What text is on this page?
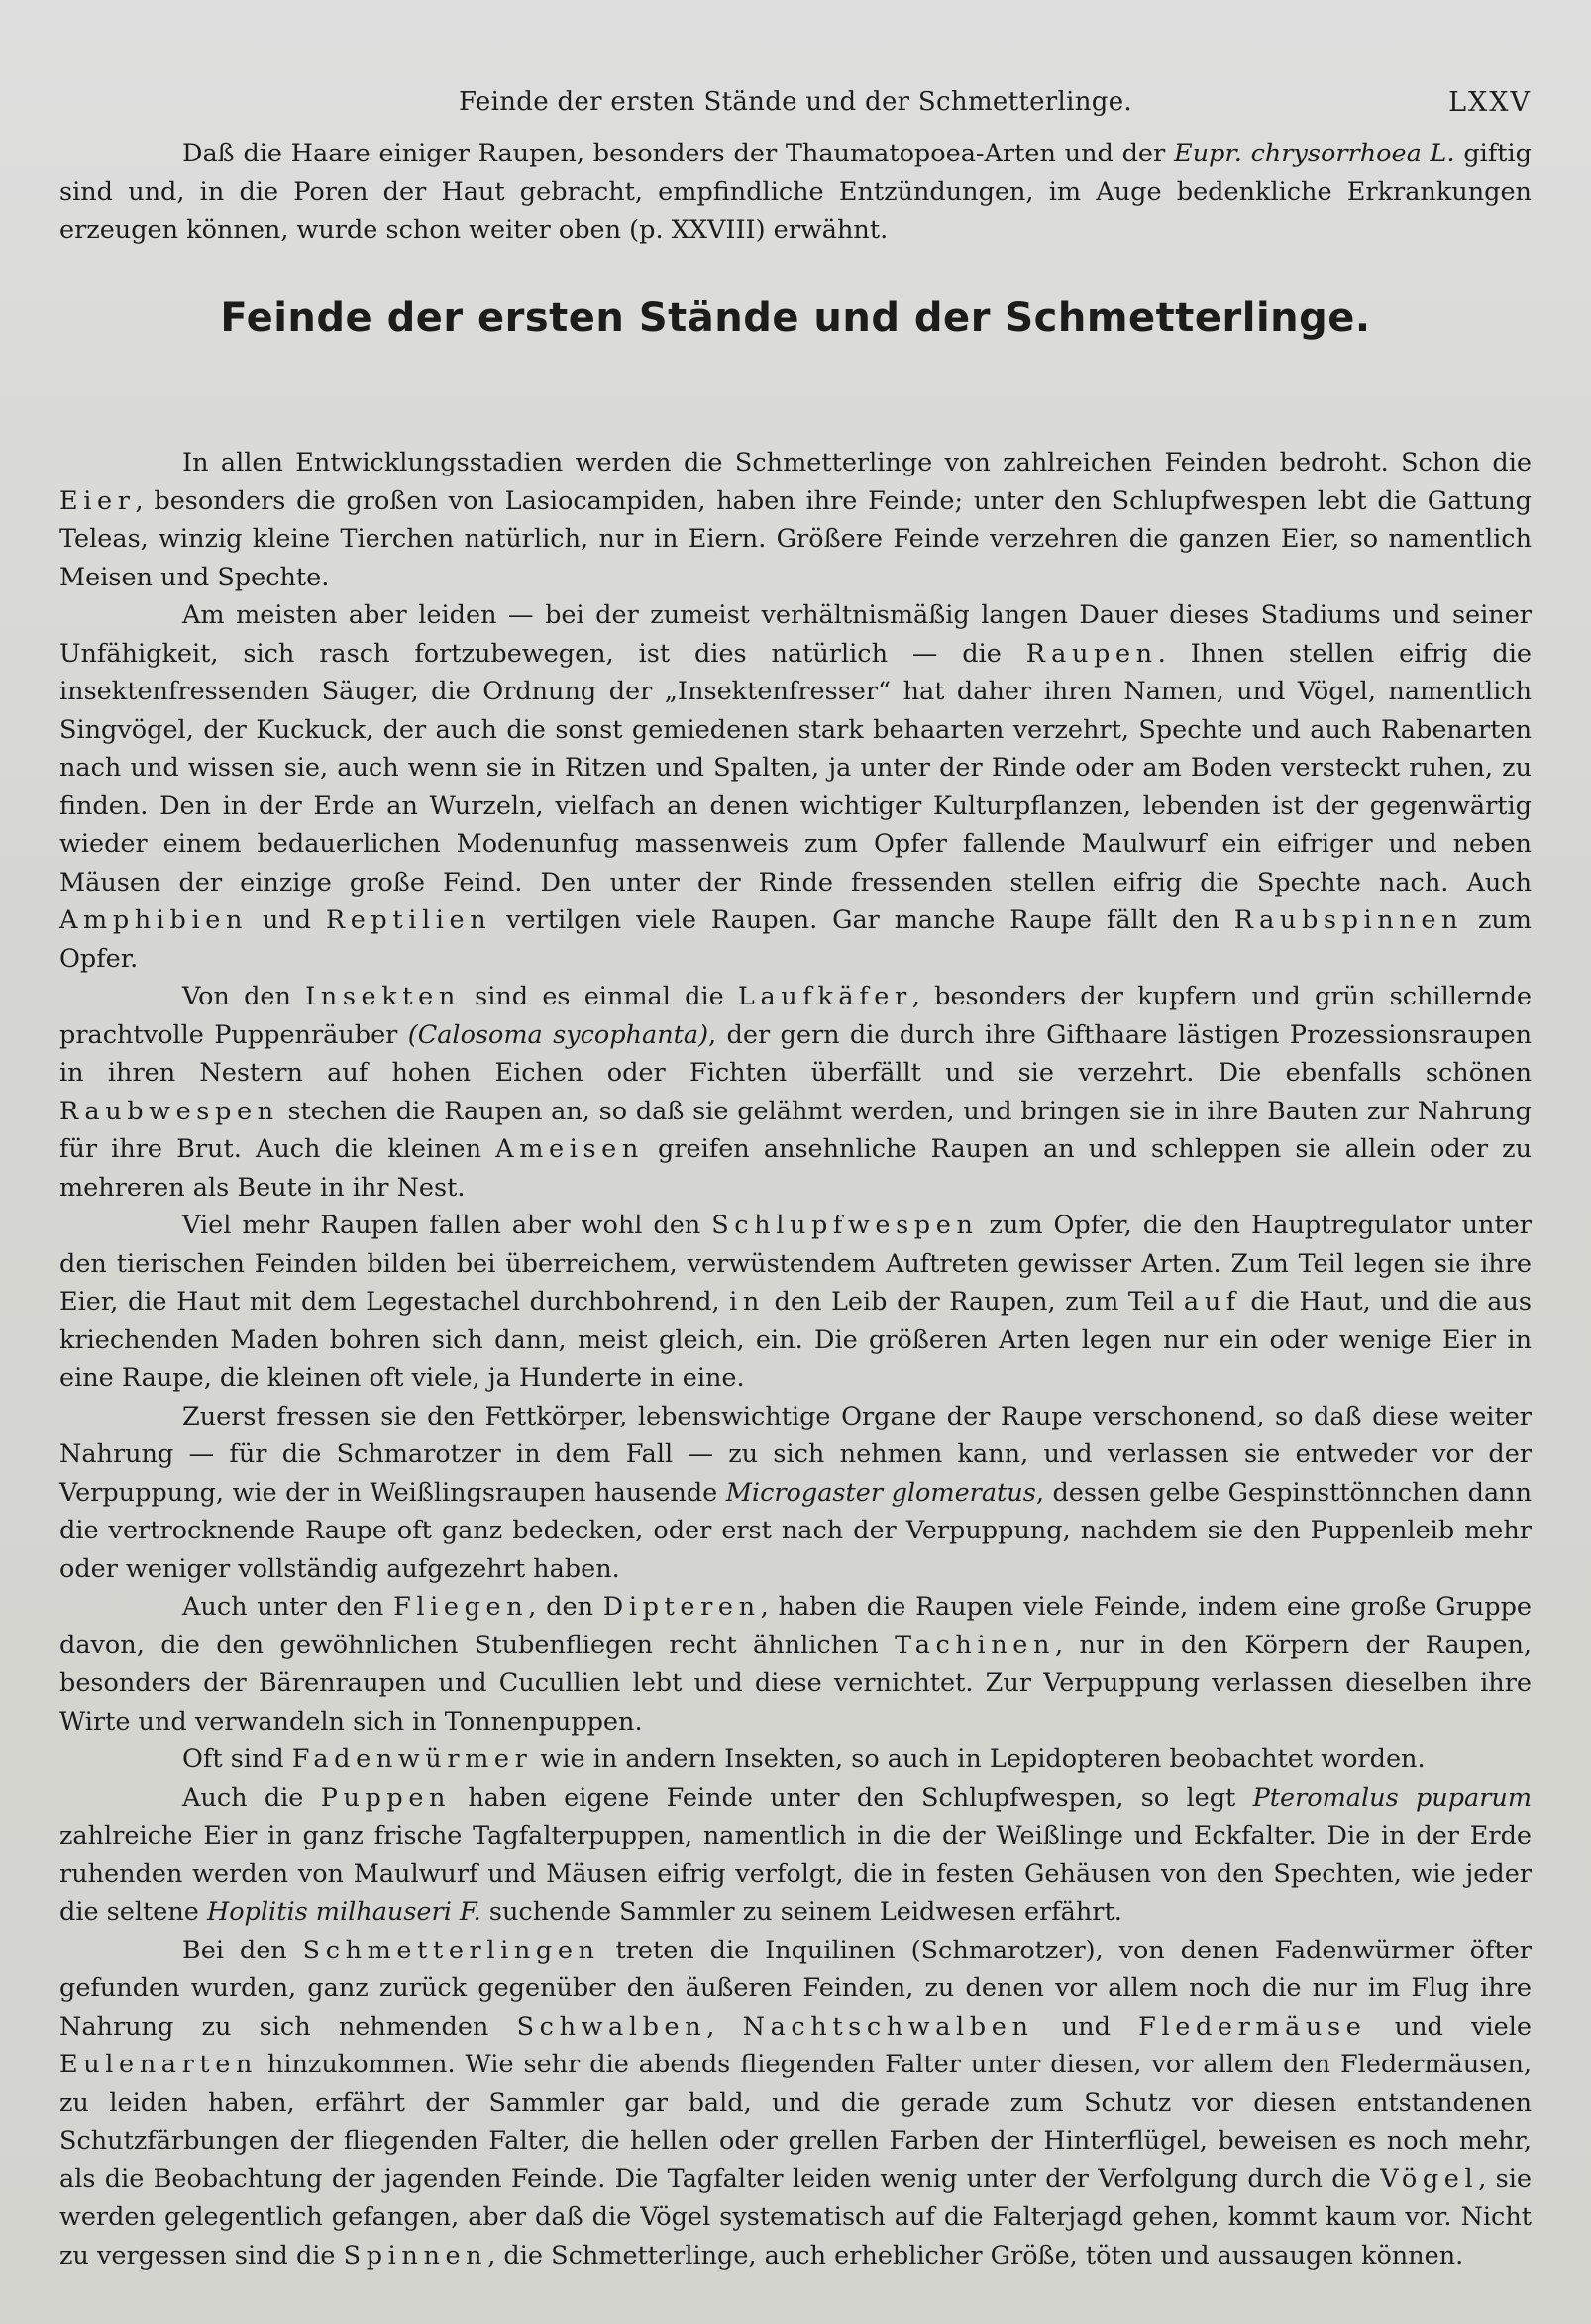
Feinde der ersten Stände und der Schmetterlinge.	LXXV

Daß die Haare einiger Raupen, besonders der Thaumatopoea-Arten und der Eupr. chrysorrhoea L. giftig sind und, in die Poren der Haut gebracht, empfindliche Entzündungen, im Auge bedenkliche Erkrankungen erzeugen können, wurde schon weiter oben (p. XXVIII) erwähnt.

Feinde der ersten Stände und der Schmetterlinge.

In allen Entwicklungsstadien werden die Schmetterlinge von zahlreichen Feinden bedroht. Schon die Eier, besonders die großen von Lasiocampiden, haben ihre Feinde; unter den Schlupfwespen lebt die Gattung Teleas, winzig kleine Tierchen natürlich, nur in Eiern. Größere Feinde verzehren die ganzen Eier, so namentlich Meisen und Spechte.

Am meisten aber leiden — bei der zumeist verhältnismäßig langen Dauer dieses Stadiums und seiner Unfähigkeit, sich rasch fortzubewegen, ist dies natürlich — die Raupen. Ihnen stellen eifrig die insektenfressenden Säuger, die Ordnung der „Insektenfresser“ hat daher ihren Namen, und Vögel, namentlich Singvögel, der Kuckuck, der auch die sonst gemiedenen stark behaarten verzehrt, Spechte und auch Rabenarten nach und wissen sie, auch wenn sie in Ritzen und Spalten, ja unter der Rinde oder am Boden versteckt ruhen, zu finden. Den in der Erde an Wurzeln, vielfach an denen wichtiger Kulturpflanzen, lebenden ist der gegenwärtig wieder einem bedauerlichen Modenunfug massenweis zum Opfer fallende Maulwurf ein eifriger und neben Mäusen der einzige große Feind. Den unter der Rinde fressenden stellen eifrig die Spechte nach. Auch Amphibien und Reptilien vertilgen viele Raupen. Gar manche Raupe fällt den Raubspinnen zum Opfer.

Von den Insekten sind es einmal die Laufkäfer, besonders der kupfern und grün schillernde prachtvolle Puppenräuber (Calosoma sycophanta), der gern die durch ihre Gifthaare lästigen Prozessionsraupen in ihren Nestern auf hohen Eichen oder Fichten überfällt und sie verzehrt. Die ebenfalls schönen Raubwespen stechen die Raupen an, so daß sie gelähmt werden, und bringen sie in ihre Bauten zur Nahrung für ihre Brut. Auch die kleinen Ameisen greifen ansehnliche Raupen an und schleppen sie allein oder zu mehreren als Beute in ihr Nest.

Viel mehr Raupen fallen aber wohl den Schlupfwespen zum Opfer, die den Hauptregulator unter den tierischen Feinden bilden bei überreichem, verwüstendem Auftreten gewisser Arten. Zum Teil legen sie ihre Eier, die Haut mit dem Legestachel durchbohrend, in den Leib der Raupen, zum Teil auf die Haut, und die aus kriechenden Maden bohren sich dann, meist gleich, ein. Die größeren Arten legen nur ein oder wenige Eier in eine Raupe, die kleinen oft viele, ja Hunderte in eine.

Zuerst fressen sie den Fettkörper, lebenswichtige Organe der Raupe verschonend, so daß diese weiter Nahrung — für die Schmarotzer in dem Fall — zu sich nehmen kann, und verlassen sie entweder vor der Verpuppung, wie der in Weißlingsraupen hausende Microgaster glomeratus, dessen gelbe Gespinsttönnchen dann die vertrocknende Raupe oft ganz bedecken, oder erst nach der Verpuppung, nachdem sie den Puppenleib mehr oder weniger vollständig aufgezehrt haben.

Auch unter den Fliegen, den Dipteren, haben die Raupen viele Feinde, indem eine große Gruppe davon, die den gewöhnlichen Stubenfliegen recht ähnlichen Tachinen, nur in den Körpern der Raupen, besonders der Bärenraupen und Cucullien lebt und diese vernichtet. Zur Verpuppung verlassen dieselben ihre Wirte und verwandeln sich in Tonnenpuppen.

Oft sind Fadenwürmer wie in andern Insekten, so auch in Lepidopteren beobachtet worden.

Auch die Puppen haben eigene Feinde unter den Schlupfwespen, so legt Pteromalus puparum zahlreiche Eier in ganz frische Tagfalterpuppen, namentlich in die der Weißlinge und Eckfalter. Die in der Erde ruhenden werden von Maulwurf und Mäusen eifrig verfolgt, die in festen Gehäusen von den Spechten, wie jeder die seltene Hoplitis milhauseri F. suchende Sammler zu seinem Leidwesen erfährt.

Bei den Schmetterlingen treten die Inquilinen (Schmarotzer), von denen Fadenwürmer öfter gefunden wurden, ganz zurück gegenüber den äußeren Feinden, zu denen vor allem noch die nur im Flug ihre Nahrung zu sich nehmenden Schwalben, Nachtschwalben und Fledermäuse und viele Eulenarten hinzukommen. Wie sehr die abends fliegenden Falter unter diesen, vor allem den Fledermäusen, zu leiden haben, erfährt der Sammler gar bald, und die gerade zum Schutz vor diesen entstandenen Schutzfärbungen der fliegenden Falter, die hellen oder grellen Farben der Hinterflügel, beweisen es noch mehr, als die Beobachtung der jagenden Feinde. Die Tagfalter leiden wenig unter der Verfolgung durch die Vögel, sie werden gelegentlich gefangen, aber daß die Vögel systematisch auf die Falterjagd gehen, kommt kaum vor. Nicht zu vergessen sind die Spinnen, die Schmetterlinge, auch erheblicher Größe, töten und aussaugen können.
